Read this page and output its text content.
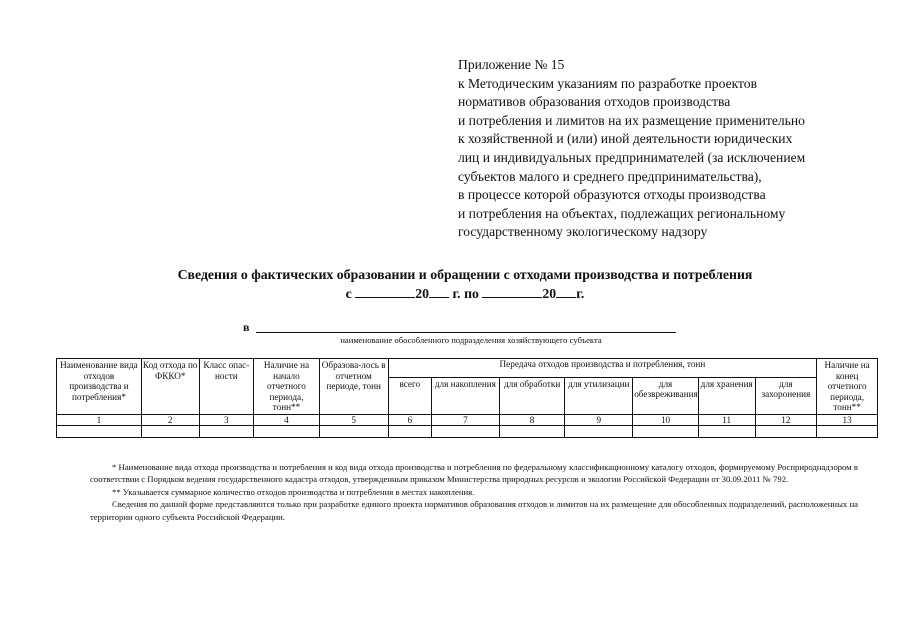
Приложение № 15
к Методическим указаниям по разработке проектов
нормативов образования отходов производства
и потребления и лимитов на их размещение применительно
к хозяйственной и (или) иной деятельности юридических
лиц и индивидуальных предпринимателей (за исключением
субъектов малого и среднего предпринимательства),
в процессе которой образуются отходы производства
и потребления на объектах, подлежащих региональному
государственному экологическому надзору
Сведения о фактических образовании и обращении с отходами производства и потребления
с	20 г. по	20 г.
в
наименование обособленного подразделения хозяйствующего субъекта
Наименование вида отходов производства и потребления*	Код отхода по ФККО*	Класс опас-ности	Наличие на начало отчетного периода, тонн**	Образова-лось в отчетном периоде, тонн	Передача отходов производства и потребления, тонн							Наличие на конец отчетного периода, тонн**
					всего	для накопления	для обработки	для утилизации	для обезвреживания	для хранения	для захоронения	
1	2	3	4	5	6	7	8	9	10	11	12	13

* Наименование вида отхода производства и потребления и код вида отхода производства и потребления по федеральному классификационному каталогу отходов, формируемому Росприроднадзором в соответствии с Порядком ведения государственного кадастра отходов, утвержденным приказом Министерства природных ресурсов и экологии Российской Федерации от 30.09.2011 № 792.

** Указывается суммарное количество отходов производства и потребления в местах накопления.

Сведения по данной форме представляются только при разработке единого проекта нормативов образования отходов и лимитов на их размещение для обособленных подразделений, расположенных на территории одного субъекта Российской Федерации.
